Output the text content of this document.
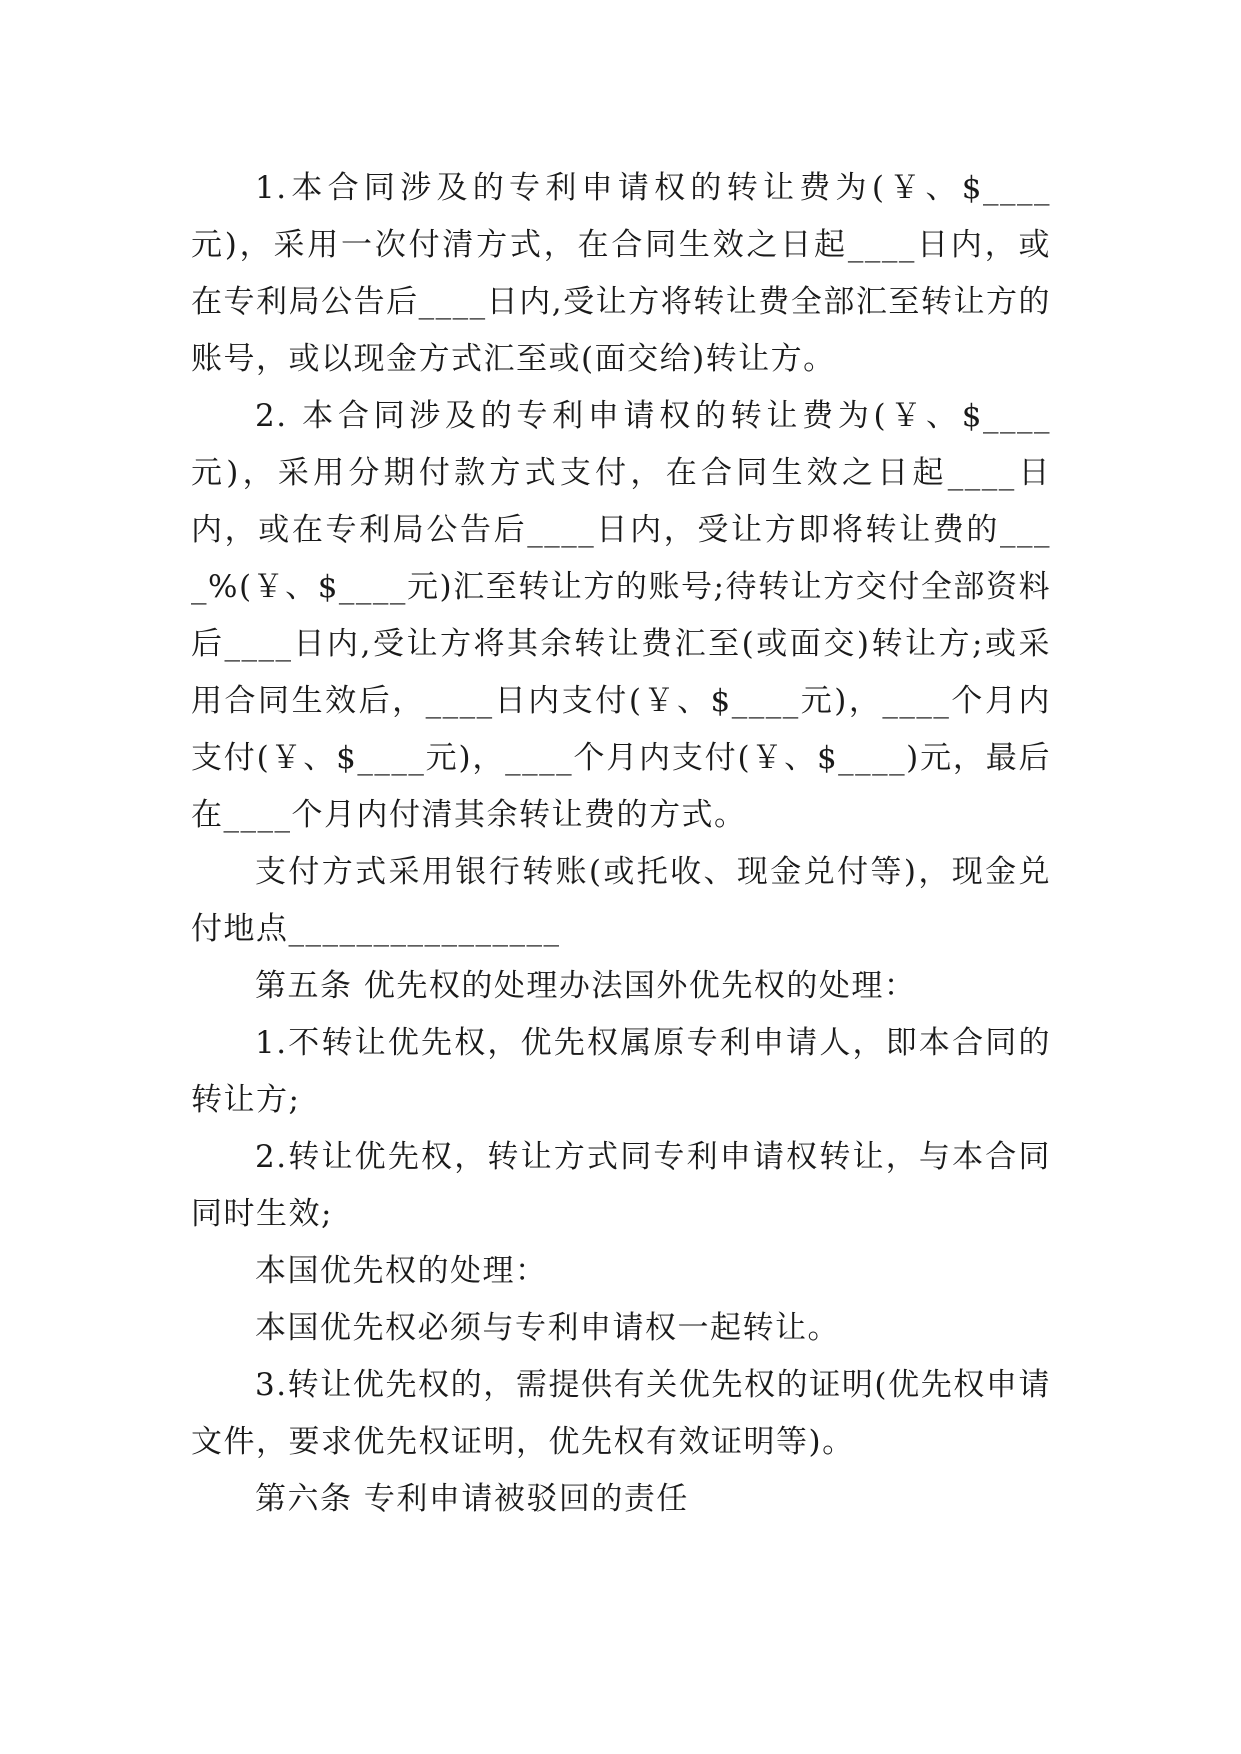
1.本合同涉及的专利申请权的转让费为(￥、$____元)，采用一次付清方式，在合同生效之日起____日内，或在专利局公告后____日内,受让方将转让费全部汇至转让方的账号，或以现金方式汇至或(面交给)转让方。

2. 本合同涉及的专利申请权的转让费为(￥、$____元)，采用分期付款方式支付，在合同生效之日起____日内，或在专利局公告后____日内，受让方即将转让费的____%(￥、$____元)汇至转让方的账号;待转让方交付全部资料后____日内,受让方将其余转让费汇至(或面交)转让方;或采用合同生效后，____日内支付(￥、$____元)，____个月内支付(￥、$____元)，____个月内支付(￥、$____)元，最后在____个月内付清其余转让费的方式。

支付方式采用银行转账(或托收、现金兑付等)，现金兑付地点________________

第五条 优先权的处理办法国外优先权的处理：

1.不转让优先权，优先权属原专利申请人，即本合同的转让方;

2.转让优先权，转让方式同专利申请权转让，与本合同同时生效;

本国优先权的处理：

本国优先权必须与专利申请权一起转让。

3.转让优先权的，需提供有关优先权的证明(优先权申请文件，要求优先权证明，优先权有效证明等)。

第六条 专利申请被驳回的责任
